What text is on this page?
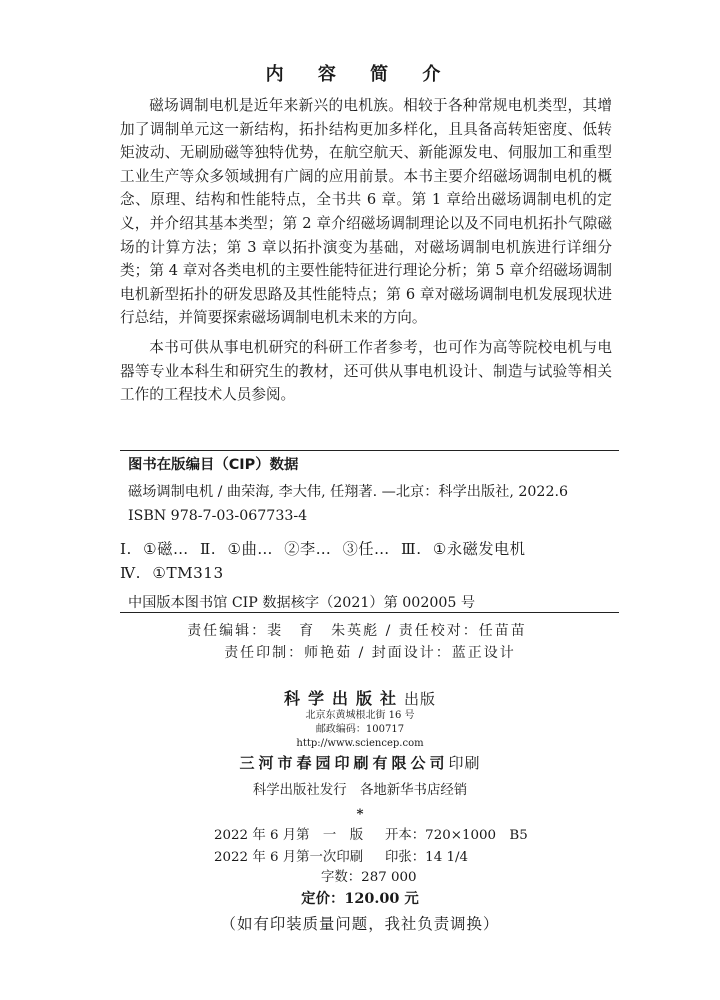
内 容 简 介

磁场调制电机是近年来新兴的电机族。相较于各种常规电机类型，其增加了调制单元这一新结构，拓扑结构更加多样化，且具备高转矩密度、低转矩波动、无刷励磁等独特优势，在航空航天、新能源发电、伺服加工和重型工业生产等众多领域拥有广阔的应用前景。本书主要介绍磁场调制电机的概念、原理、结构和性能特点，全书共 6 章。第 1 章给出磁场调制电机的定义，并介绍其基本类型；第 2 章介绍磁场调制理论以及不同电机拓扑气隙磁场的计算方法；第 3 章以拓扑演变为基础，对磁场调制电机族进行详细分类；第 4 章对各类电机的主要性能特征进行理论分析；第 5 章介绍磁场调制电机新型拓扑的研发思路及其性能特点；第 6 章对磁场调制电机发展现状进行总结，并简要探索磁场调制电机未来的方向。

本书可供从事电机研究的科研工作者参考，也可作为高等院校电机与电器等专业本科生和研究生的教材，还可供从事电机设计、制造与试验等相关工作的工程技术人员参阅。

图书在版编目（CIP）数据
磁场调制电机 / 曲荣海, 李大伟, 任翔著. —北京：科学出版社, 2022.6
ISBN 978-7-03-067733-4
Ⅰ. ①磁… Ⅱ. ①曲… ②李… ③任… Ⅲ. ①永磁发电机
Ⅳ. ①TM313
中国版本图书馆 CIP 数据核字（2021）第 002005 号
责任编辑：裴　育　朱英彪 / 责任校对：任苗苗
责任印制：师艳茹 / 封面设计：蓝正设计
科学出版社出版
北京东黄城根北街 16 号
邮政编码：100717
http://www.sciencep.com
三河市春园印刷有限公司印刷
科学出版社发行　各地新华书店经销
*
2022 年 6 月第　一　版 开本：720×1000　B5
2022 年 6 月第一次印刷 印张：14 1/4
字数：287 000
定价：120.00 元
（如有印装质量问题，我社负责调换）
